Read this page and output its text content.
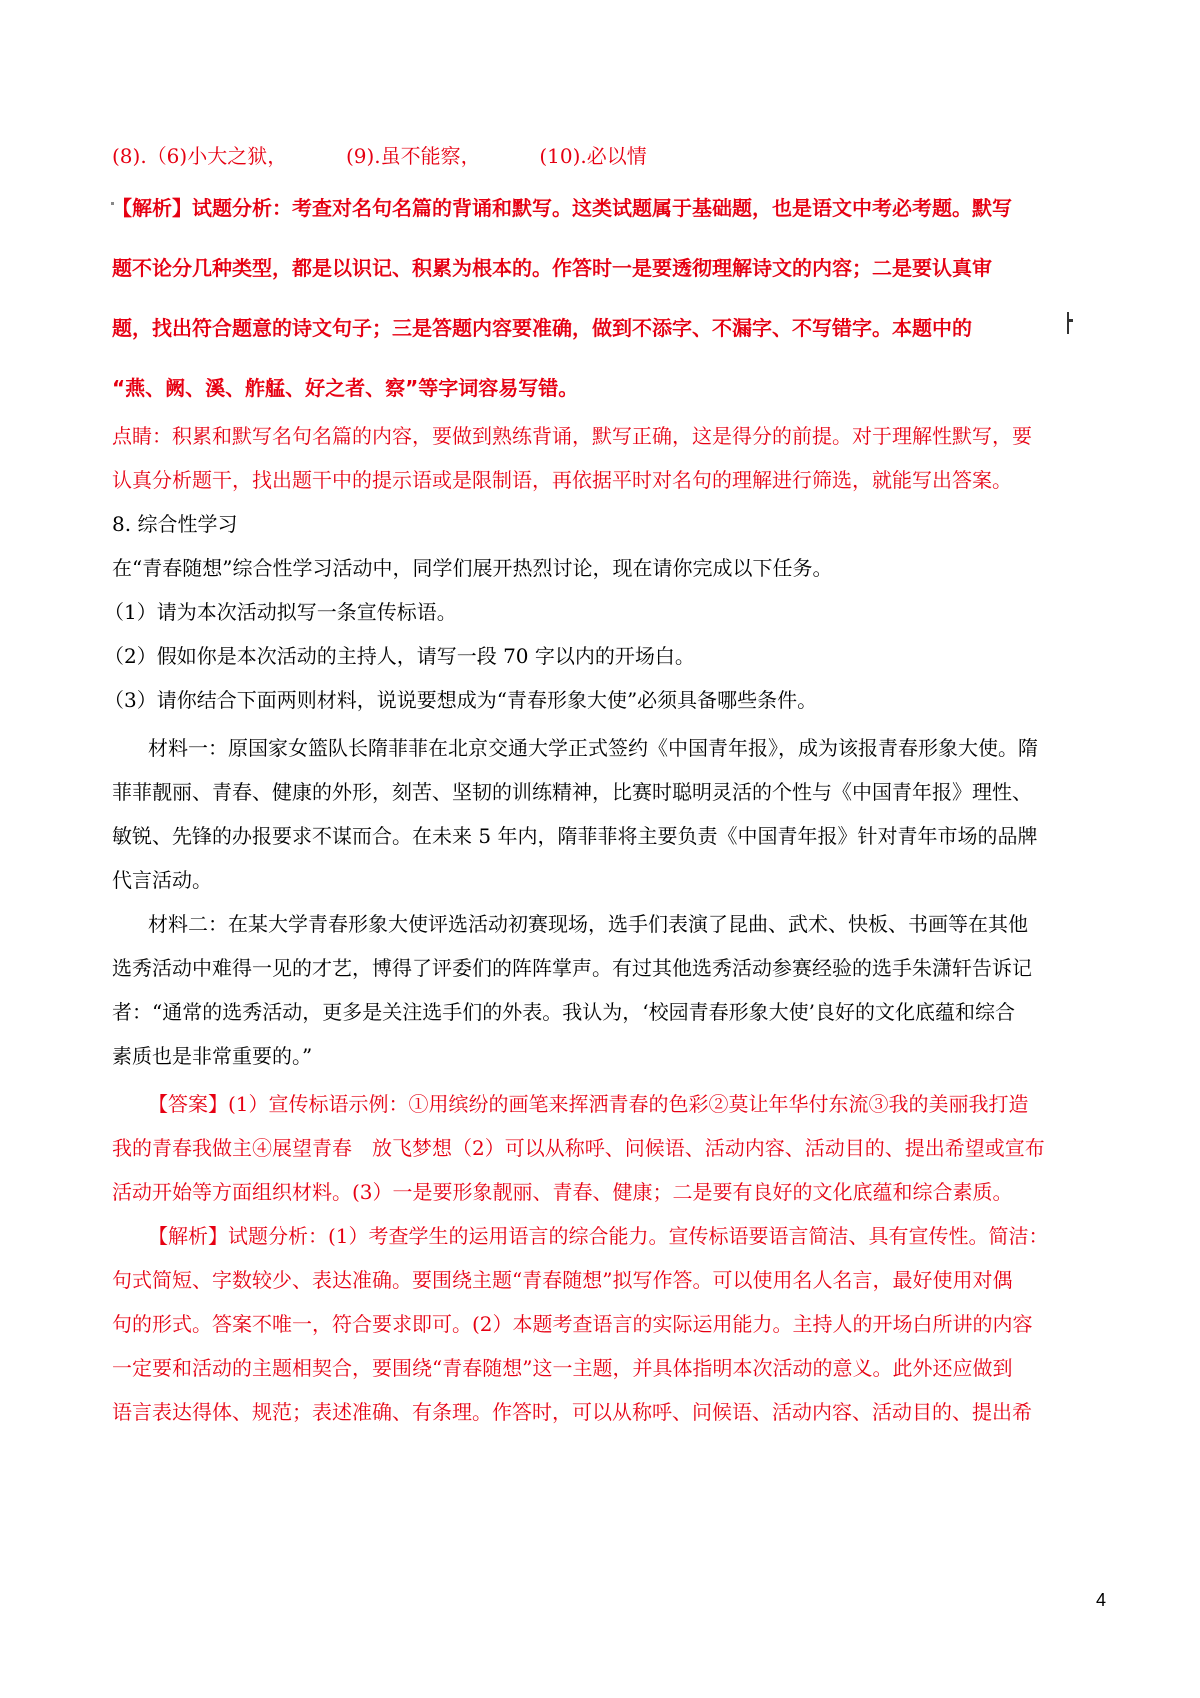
(8).（6)小大之狱，	(9).虽不能察，	(10).必以情
【解析】试题分析：考查对名句名篇的背诵和默写。这类试题属于基础题，也是语文中考必考题。默写
题不论分几种类型，都是以识记、积累为根本的。作答时一是要透彻理解诗文的内容；二是要认真审
题，找出符合题意的诗文句子；三是答题内容要准确，做到不添字、不漏字、不写错字。本题中的
“燕、阙、溪、舴艋、好之者、察”等字词容易写错。
点睛：积累和默写名句名篇的内容，要做到熟练背诵，默写正确，这是得分的前提。对于理解性默写，要
认真分析题干，找出题干中的提示语或是限制语，再依据平时对名句的理解进行筛选，就能写出答案。
8. 综合性学习
在“青春随想”综合性学习活动中，同学们展开热烈讨论，现在请你完成以下任务。
（1）请为本次活动拟写一条宣传标语。
（2）假如你是本次活动的主持人，请写一段 70 字以内的开场白。
（3）请你结合下面两则材料，说说要想成为“青春形象大使”必须具备哪些条件。
材料一：原国家女篮队长隋菲菲在北京交通大学正式签约《中国青年报》，成为该报青春形象大使。隋
菲菲靓丽、青春、健康的外形，刻苦、坚韧的训练精神，比赛时聪明灵活的个性与《中国青年报》理性、
敏锐、先锋的办报要求不谋而合。在未来 5 年内，隋菲菲将主要负责《中国青年报》针对青年市场的品牌
代言活动。
材料二：在某大学青春形象大使评选活动初赛现场，选手们表演了昆曲、武术、快板、书画等在其他
选秀活动中难得一见的才艺，博得了评委们的阵阵掌声。有过其他选秀活动参赛经验的选手朱潇轩告诉记
者：“通常的选秀活动，更多是关注选手们的外表。我认为，‘校园青春形象大使’良好的文化底蕴和综合
素质也是非常重要的。”
【答案】(1）宣传标语示例：①用缤纷的画笔来挥洒青春的色彩②莫让年华付东流③我的美丽我打造
我的青春我做主④展望青春　放飞梦想（2）可以从称呼、问候语、活动内容、活动目的、提出希望或宣布
活动开始等方面组织材料。(3）一是要形象靓丽、青春、健康；二是要有良好的文化底蕴和综合素质。
【解析】试题分析：(1）考查学生的运用语言的综合能力。宣传标语要语言简洁、具有宣传性。简洁：
句式简短、字数较少、表达准确。要围绕主题“青春随想”拟写作答。可以使用名人名言，最好使用对偶
句的形式。答案不唯一，符合要求即可。(2）本题考查语言的实际运用能力。主持人的开场白所讲的内容
一定要和活动的主题相契合，要围绕“青春随想”这一主题，并具体指明本次活动的意义。此外还应做到
语言表达得体、规范；表述准确、有条理。作答时，可以从称呼、问候语、活动内容、活动目的、提出希
4
